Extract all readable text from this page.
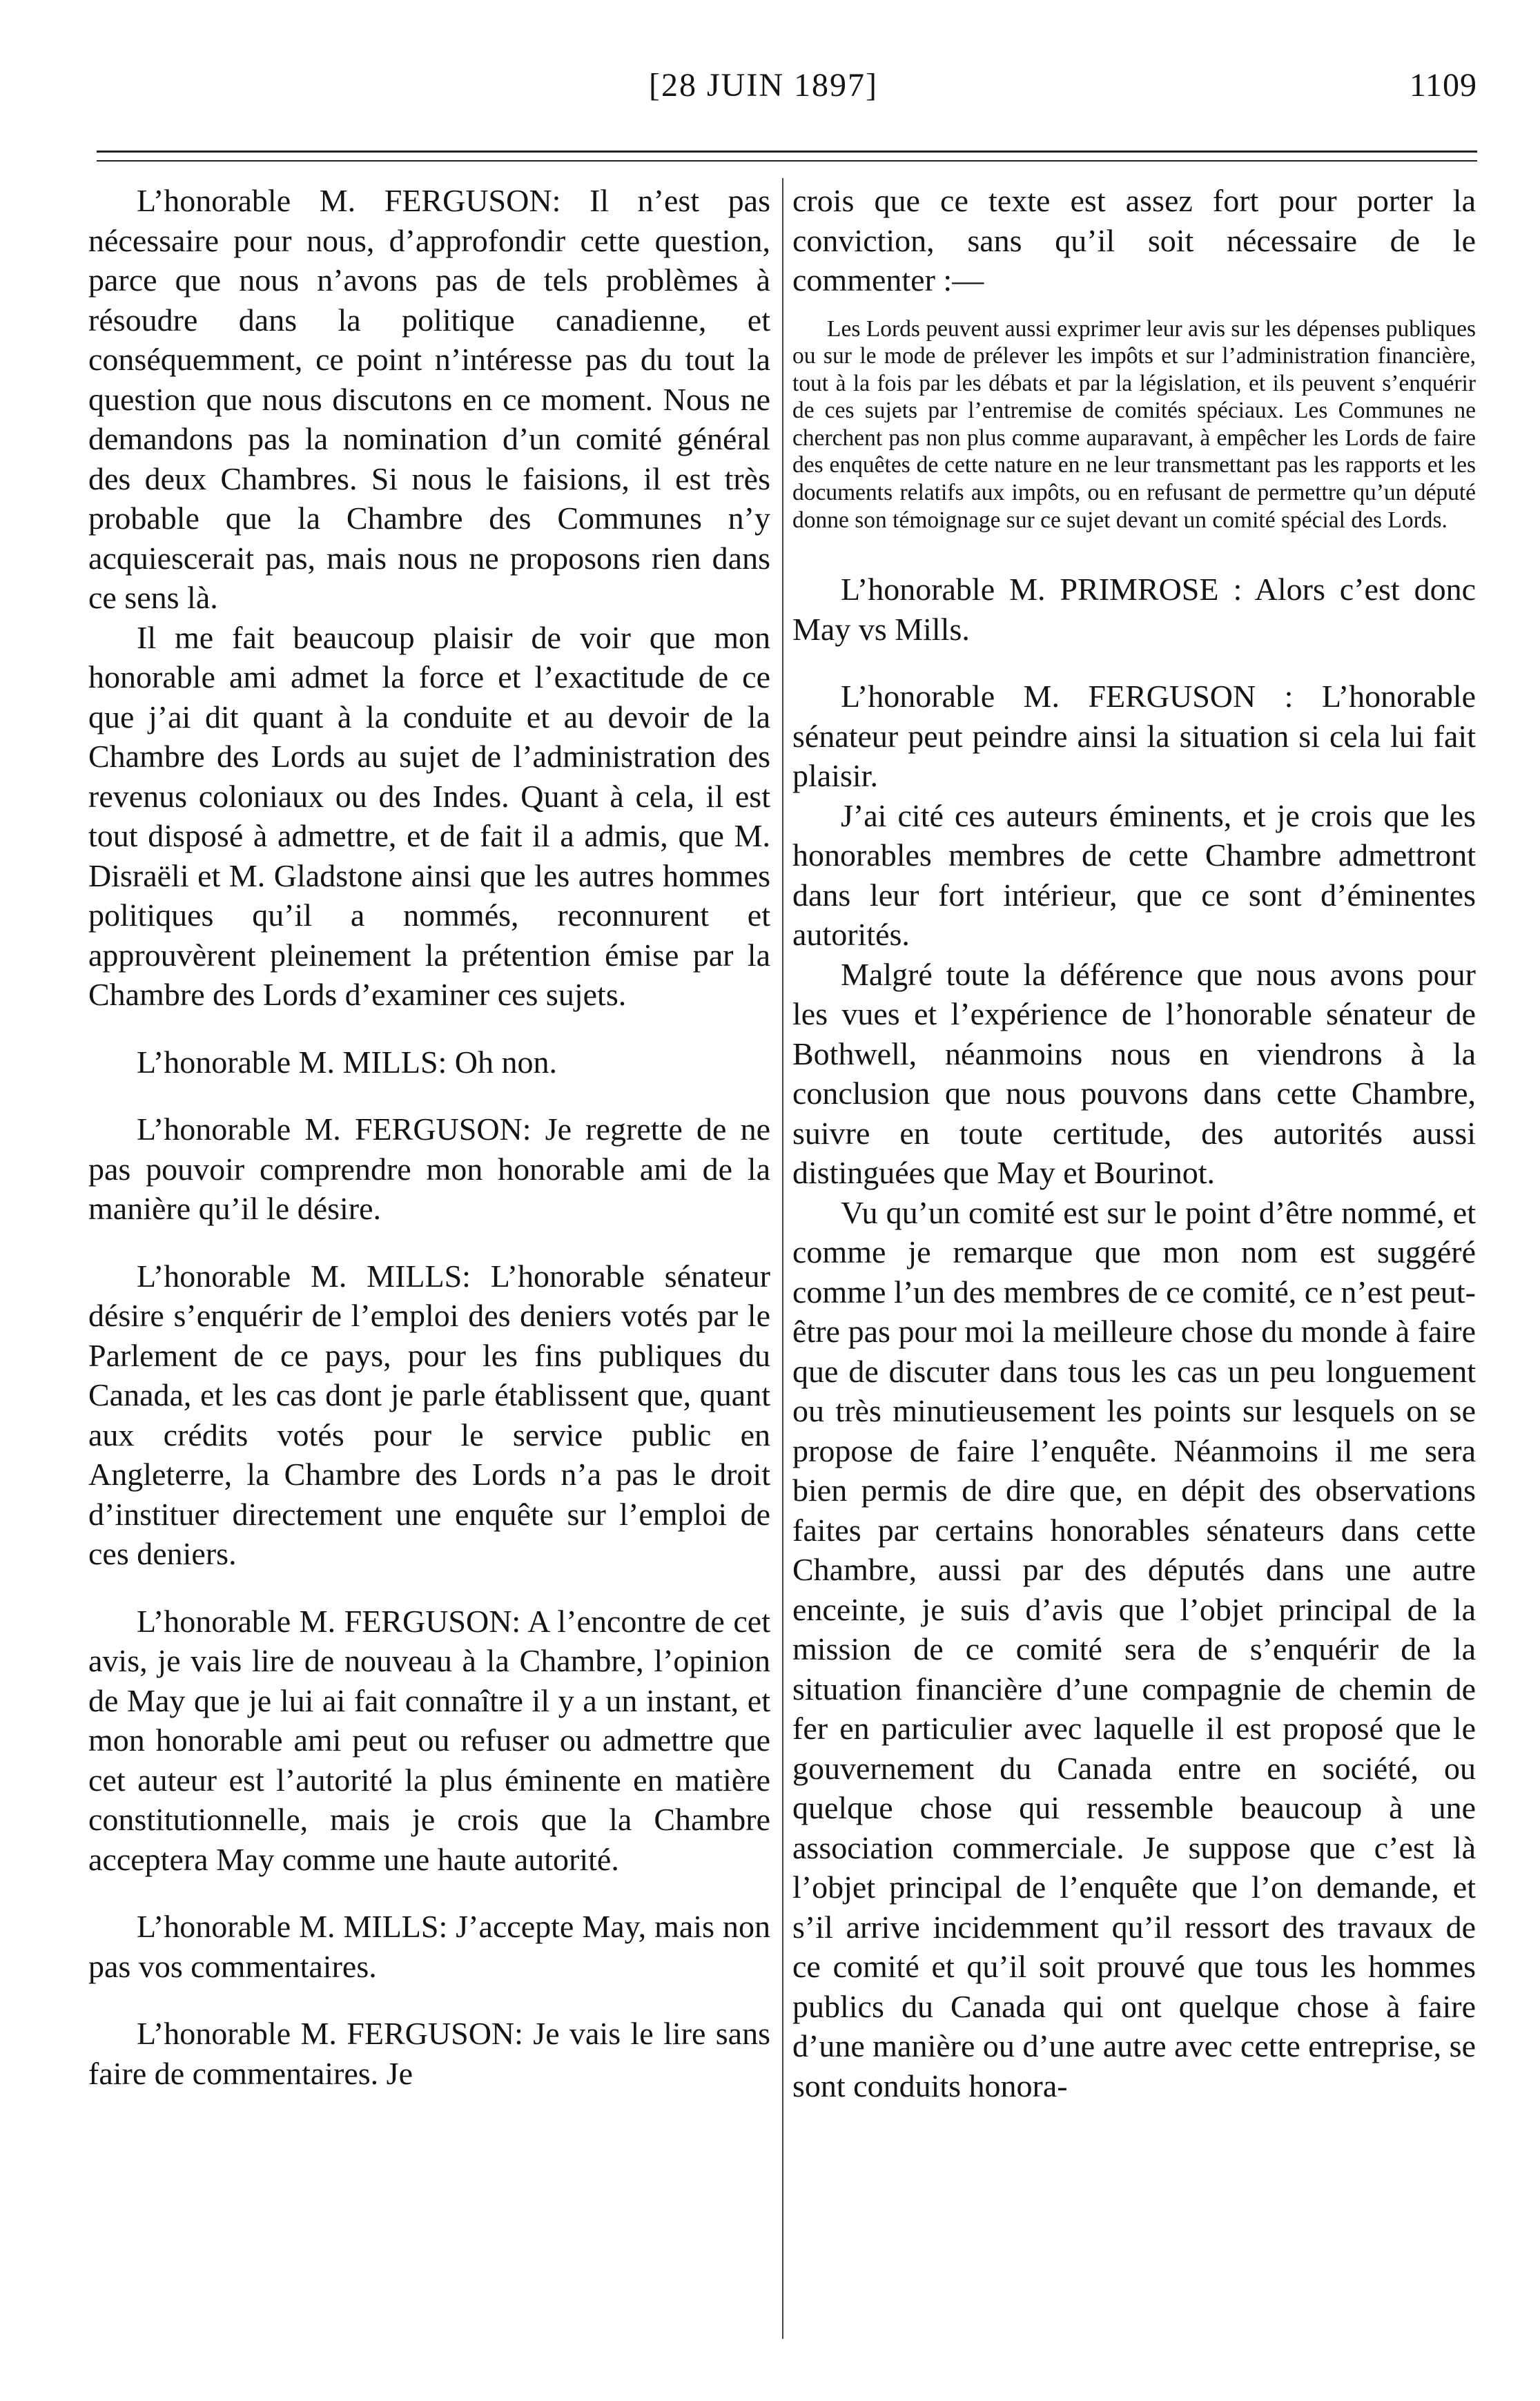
[28 JUIN 1897]	1109

L’honorable M. FERGUSON: Il n’est pas nécessaire pour nous, d’approfondir cette question, parce que nous n’avons pas de tels problèmes à résoudre dans la politique canadienne, et conséquemment, ce point n’intéresse pas du tout la question que nous discutons en ce moment. Nous ne demandons pas la nomination d’un comité général des deux Chambres. Si nous le faisions, il est très probable que la Chambre des Communes n’y acquiescerait pas, mais nous ne proposons rien dans ce sens là.

Il me fait beaucoup plaisir de voir que mon honorable ami admet la force et l’exactitude de ce que j’ai dit quant à la conduite et au devoir de la Chambre des Lords au sujet de l’administration des revenus coloniaux ou des Indes. Quant à cela, il est tout disposé à admettre, et de fait il a admis, que M. Disraëli et M. Gladstone ainsi que les autres hommes politiques qu’il a nommés, reconnurent et approuvèrent pleinement la prétention émise par la Chambre des Lords d’examiner ces sujets.

L’honorable M. MILLS: Oh non.

L’honorable M. FERGUSON: Je regrette de ne pas pouvoir comprendre mon honorable ami de la manière qu’il le désire.

L’honorable M. MILLS: L’honorable sénateur désire s’enquérir de l’emploi des deniers votés par le Parlement de ce pays, pour les fins publiques du Canada, et les cas dont je parle établissent que, quant aux crédits votés pour le service public en Angleterre, la Chambre des Lords n’a pas le droit d’instituer directement une enquête sur l’emploi de ces deniers.

L’honorable M. FERGUSON: A l’encontre de cet avis, je vais lire de nouveau à la Chambre, l’opinion de May que je lui ai fait connaître il y a un instant, et mon honorable ami peut ou refuser ou admettre que cet auteur est l’autorité la plus éminente en matière constitutionnelle, mais je crois que la Chambre acceptera May comme une haute autorité.

L’honorable M. MILLS: J’accepte May, mais non pas vos commentaires.

L’honorable M. FERGUSON: Je vais le lire sans faire de commentaires. Je

crois que ce texte est assez fort pour porter la conviction, sans qu’il soit nécessaire de le commenter :—

Les Lords peuvent aussi exprimer leur avis sur les dépenses publiques ou sur le mode de prélever les impôts et sur l’administration financière, tout à la fois par les débats et par la législation, et ils peuvent s’enquérir de ces sujets par l’entremise de comités spéciaux. Les Communes ne cherchent pas non plus comme auparavant, à empêcher les Lords de faire des enquêtes de cette nature en ne leur transmettant pas les rapports et les documents relatifs aux impôts, ou en refusant de permettre qu’un député donne son témoignage sur ce sujet devant un comité spécial des Lords.

L’honorable M. PRIMROSE : Alors c’est donc May vs Mills.

L’honorable M. FERGUSON : L’honorable sénateur peut peindre ainsi la situation si cela lui fait plaisir.

J’ai cité ces auteurs éminents, et je crois que les honorables membres de cette Chambre admettront dans leur fort intérieur, que ce sont d’éminentes autorités.

Malgré toute la déférence que nous avons pour les vues et l’expérience de l’honorable sénateur de Bothwell, néanmoins nous en viendrons à la conclusion que nous pouvons dans cette Chambre, suivre en toute certitude, des autorités aussi distinguées que May et Bourinot.

Vu qu’un comité est sur le point d’être nommé, et comme je remarque que mon nom est suggéré comme l’un des membres de ce comité, ce n’est peut-être pas pour moi la meilleure chose du monde à faire que de discuter dans tous les cas un peu longuement ou très minutieusement les points sur lesquels on se propose de faire l’enquête. Néanmoins il me sera bien permis de dire que, en dépit des observations faites par certains honorables sénateurs dans cette Chambre, aussi par des députés dans une autre enceinte, je suis d’avis que l’objet principal de la mission de ce comité sera de s’enquérir de la situation financière d’une compagnie de chemin de fer en particulier avec laquelle il est proposé que le gouvernement du Canada entre en société, ou quelque chose qui ressemble beaucoup à une association commerciale. Je suppose que c’est là l’objet principal de l’enquête que l’on demande, et s’il arrive incidemment qu’il ressort des travaux de ce comité et qu’il soit prouvé que tous les hommes publics du Canada qui ont quelque chose à faire d’une manière ou d’une autre avec cette entreprise, se sont conduits honora-
